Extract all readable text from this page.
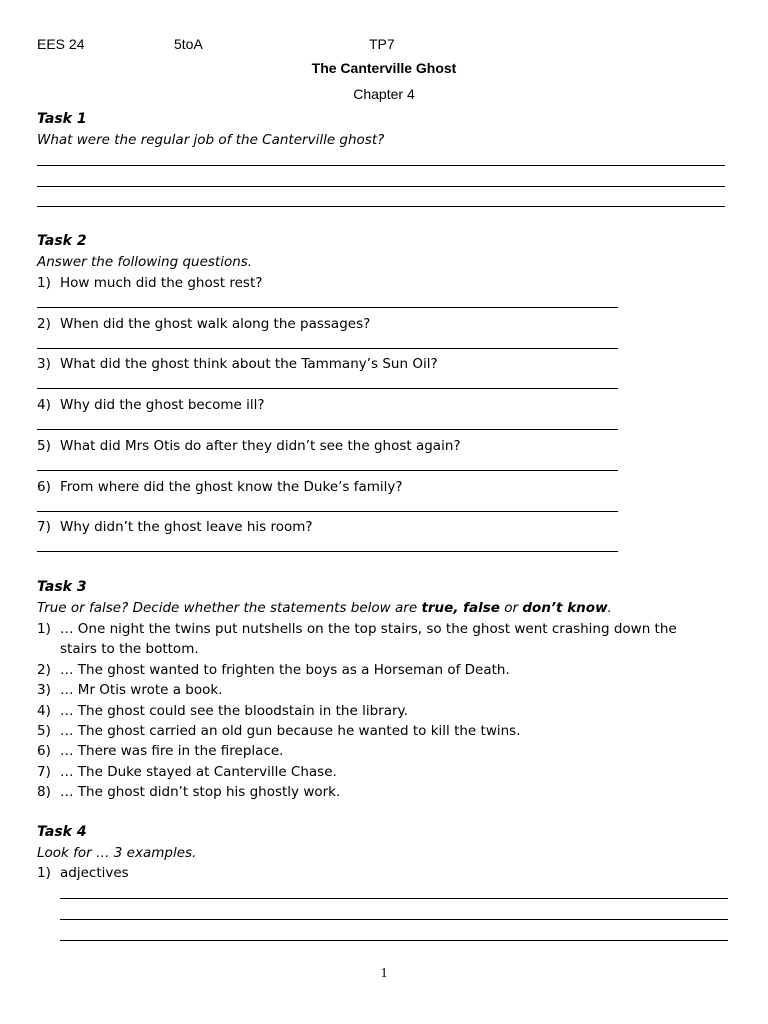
EES 24	5toA	TP7
The Canterville Ghost
Chapter 4
Task 1
What were the regular job of the Canterville ghost?
Task 2
Answer the following questions.
1) How much did the ghost rest?
2) When did the ghost walk along the passages?
3) What did the ghost think about the Tammany’s Sun Oil?
4) Why did the ghost become ill?
5) What did Mrs Otis do after they didn’t see the ghost again?
6) From where did the ghost know the Duke’s family?
7) Why didn’t the ghost leave his room?
Task 3
True or false? Decide whether the statements below are true, false or don’t know.
1) … One night the twins put nutshells on the top stairs, so the ghost went crashing down the
stairs to the bottom.
2) … The ghost wanted to frighten the boys as a Horseman of Death.
3) … Mr Otis wrote a book.
4) … The ghost could see the bloodstain in the library.
5) … The ghost carried an old gun because he wanted to kill the twins.
6) … There was fire in the fireplace.
7) … The Duke stayed at Canterville Chase.
8) … The ghost didn’t stop his ghostly work.
Task 4
Look for … 3 examples.
1) adjectives
1
